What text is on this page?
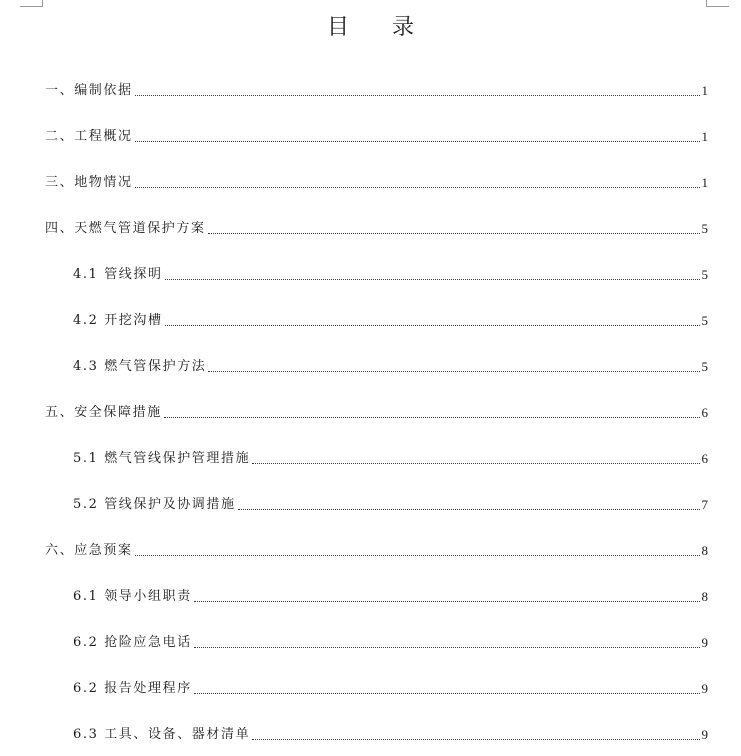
目 录
一、编制依据	1
二、工程概况	1
三、地物情况	1
四、天燃气管道保护方案	5
4.1 管线探明	5
4.2 开挖沟槽	5
4.3 燃气管保护方法	5
五、安全保障措施	6
5.1 燃气管线保护管理措施	6
5.2 管线保护及协调措施	7
六、应急预案	8
6.1 领导小组职责	8
6.2 抢险应急电话	9
6.2 报告处理程序	9
6.3 工具、设备、器材清单	9
